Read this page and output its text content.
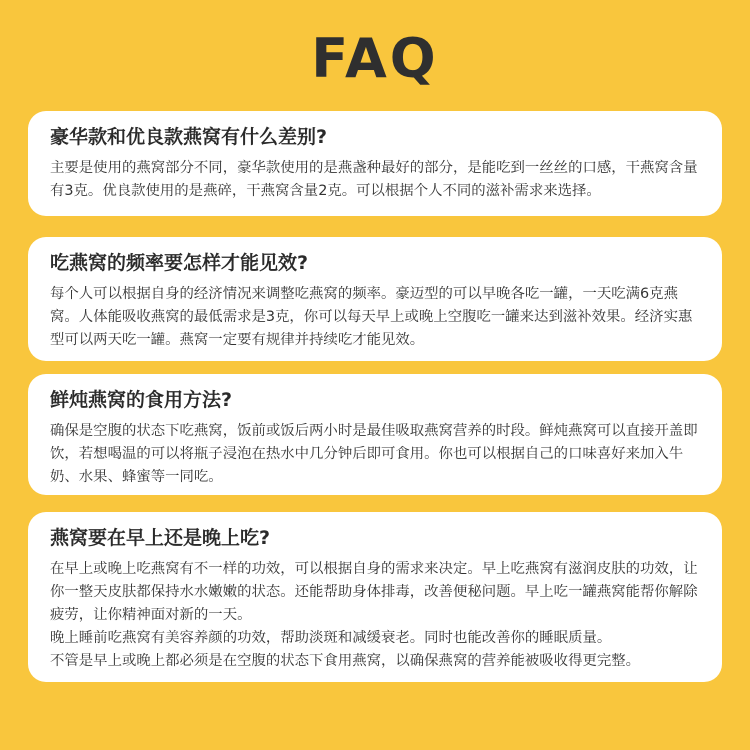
FAQ
豪华款和优良款燕窝有什么差别?

主要是使用的燕窝部分不同，豪华款使用的是燕盏种最好的部分，是能吃到一丝丝的口感，干燕窝含量有3克。优良款使用的是燕碎，干燕窝含量2克。可以根据个人不同的滋补需求来选择。

吃燕窝的频率要怎样才能见效?

每个人可以根据自身的经济情况来调整吃燕窝的频率。豪迈型的可以早晚各吃一罐，一天吃满6克燕窝。人体能吸收燕窝的最低需求是3克，你可以每天早上或晚上空腹吃一罐来达到滋补效果。经济实惠型可以两天吃一罐。燕窝一定要有规律并持续吃才能见效。

鲜炖燕窝的食用方法?

确保是空腹的状态下吃燕窝，饭前或饭后两小时是最佳吸取燕窝营养的时段。鲜炖燕窝可以直接开盖即饮，若想喝温的可以将瓶子浸泡在热水中几分钟后即可食用。你也可以根据自己的口味喜好来加入牛奶、水果、蜂蜜等一同吃。

燕窝要在早上还是晚上吃?

在早上或晚上吃燕窝有不一样的功效，可以根据自身的需求来决定。早上吃燕窝有滋润皮肤的功效，让你一整天皮肤都保持水水嫩嫩的状态。还能帮助身体排毒，改善便秘问题。早上吃一罐燕窝能帮你解除疲劳，让你精神面对新的一天。

晚上睡前吃燕窝有美容养颜的功效，帮助淡斑和减缓衰老。同时也能改善你的睡眠质量。

不管是早上或晚上都必须是在空腹的状态下食用燕窝，以确保燕窝的营养能被吸收得更完整。
